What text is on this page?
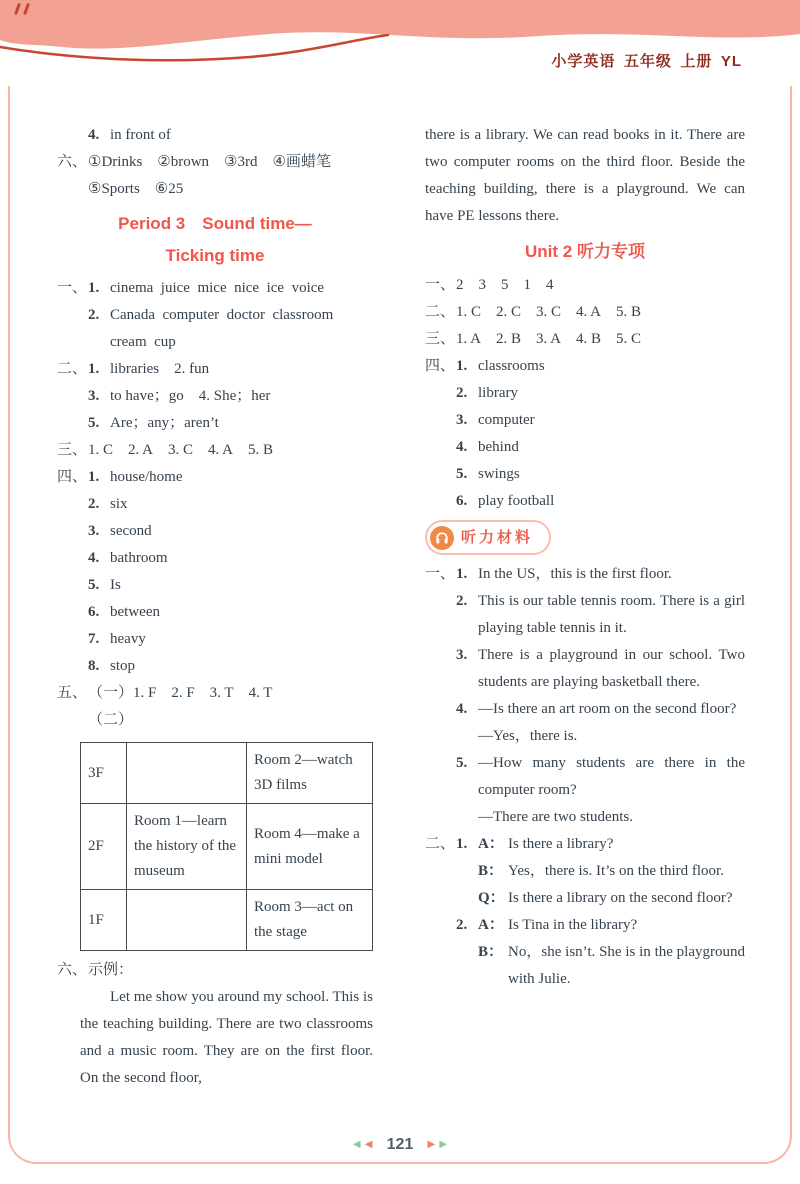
小学英语 五年级 上册 YL
4. in front of
六、 ①Drinks ②brown ③3rd ④画蜡笔
⑤Sports ⑥25
Period 3  Sound time—
Ticking time
一、 1. cinema juice mice nice ice voice
2. Canada computer doctor classroom cream cup
二、 1. libraries 2. fun
3. to have；go 4. She；her
5. Are；any；aren’t
三、 1. C 2. A 3. C 4. A 5. B
四、 1. house/home
2. six
3. second
4. bathroom
5. Is
6. between
7. heavy
8. stop
五、 （一）1. F 2. F 3. T 4. T
（二）
3F		Room 2—watch 3D films
2F	Room 1—learn the history of the museum	Room 4—make a mini model
1F		Room 3—act on the stage
六、 示例：
Let me show you around my school. This is the teaching building. There are two classrooms and a music room. They are on the first floor. On the second floor,
there is a library. We can read books in it. There are two computer rooms on the third floor. Beside the teaching building, there is a playground. We can have PE lessons there.
Unit 2 听力专项
一、 2 3 5 1 4
二、 1. C 2. C 3. C 4. A 5. B
三、 1. A 2. B 3. A 4. B 5. C
四、 1. classrooms
2. library
3. computer
4. behind
5. swings
6. play football
听力材料
一、 1. In the US，this is the first floor.
2. This is our table tennis room. There is a girl playing table tennis in it.
3. There is a playground in our school. Two students are playing basketball there.
4. —Is there an art room on the second floor?
—Yes，there is.
5. —How many students are there in the computer room?
—There are two students.
二、 1. A： Is there a library?
B： Yes，there is. It’s on the third floor.
Q： Is there a library on the second floor?
2. A： Is Tina in the library?
B： No，she isn’t. She is in the playground with Julie.
◀ ◀ 121 ▶ ▶
